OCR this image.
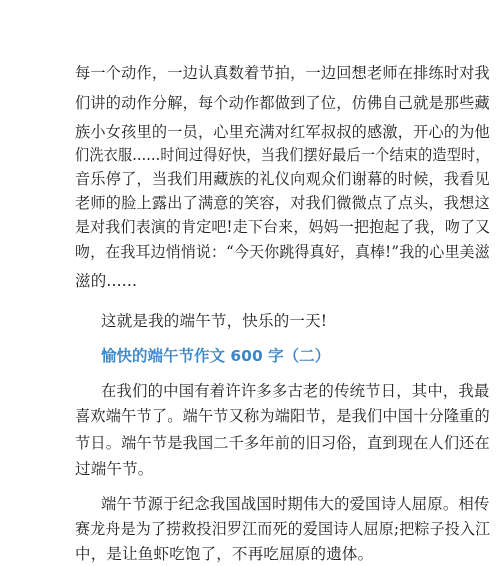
每一个动作，一边认真数着节拍，一边回想老师在排练时对我
们讲的动作分解，每个动作都做到了位，仿佛自己就是那些藏
族小女孩里的一员，心里充满对红军叔叔的感激，开心的为他
们洗衣服......时间过得好快，当我们摆好最后一个结束的造型时，
音乐停了，当我们用藏族的礼仪向观众们谢幕的时候，我看见
老师的脸上露出了满意的笑容，对我们微微点了点头，我想这
是对我们表演的肯定吧!走下台来，妈妈一把抱起了我，吻了又
吻，在我耳边悄悄说：“今天你跳得真好，真棒!”我的心里美滋
滋的......
这就是我的端午节，快乐的一天!
愉快的端午节作文 600 字（二）
在我们的中国有着许许多多古老的传统节日，其中，我最
喜欢端午节了。端午节又称为端阳节，是我们中国十分隆重的
节日。端午节是我国二千多年前的旧习俗，直到现在人们还在
过端午节。
端午节源于纪念我国战国时期伟大的爱国诗人屈原。相传
赛龙舟是为了捞救投汨罗江而死的爱国诗人屈原;把粽子投入江
中，是让鱼虾吃饱了，不再吃屈原的遗体。
